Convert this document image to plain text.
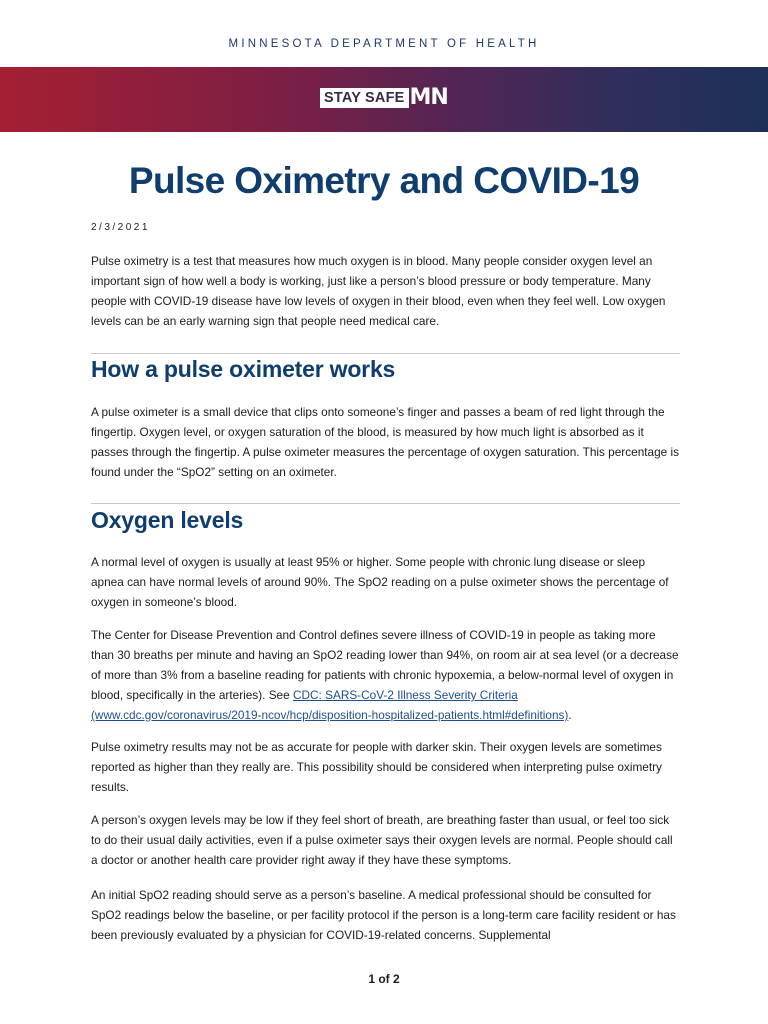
MINNESOTA DEPARTMENT OF HEALTH
STAY SAFE MN
Pulse Oximetry and COVID-19
2/3/2021
Pulse oximetry is a test that measures how much oxygen is in blood. Many people consider oxygen level an important sign of how well a body is working, just like a person’s blood pressure or body temperature. Many people with COVID-19 disease have low levels of oxygen in their blood, even when they feel well. Low oxygen levels can be an early warning sign that people need medical care.
How a pulse oximeter works
A pulse oximeter is a small device that clips onto someone’s finger and passes a beam of red light through the fingertip. Oxygen level, or oxygen saturation of the blood, is measured by how much light is absorbed as it passes through the fingertip. A pulse oximeter measures the percentage of oxygen saturation. This percentage is found under the “SpO2” setting on an oximeter.
Oxygen levels
A normal level of oxygen is usually at least 95% or higher. Some people with chronic lung disease or sleep apnea can have normal levels of around 90%. The SpO2 reading on a pulse oximeter shows the percentage of oxygen in someone’s blood.
The Center for Disease Prevention and Control defines severe illness of COVID-19 in people as taking more than 30 breaths per minute and having an SpO2 reading lower than 94%, on room air at sea level (or a decrease of more than 3% from a baseline reading for patients with chronic hypoxemia, a below-normal level of oxygen in blood, specifically in the arteries). See CDC: SARS-CoV-2 Illness Severity Criteria (www.cdc.gov/coronavirus/2019-ncov/hcp/disposition-hospitalized-patients.html#definitions).
Pulse oximetry results may not be as accurate for people with darker skin. Their oxygen levels are sometimes reported as higher than they really are. This possibility should be considered when interpreting pulse oximetry results.
A person’s oxygen levels may be low if they feel short of breath, are breathing faster than usual, or feel too sick to do their usual daily activities, even if a pulse oximeter says their oxygen levels are normal. People should call a doctor or another health care provider right away if they have these symptoms.
An initial SpO2 reading should serve as a person’s baseline. A medical professional should be consulted for SpO2 readings below the baseline, or per facility protocol if the person is a long-term care facility resident or has been previously evaluated by a physician for COVID-19-related concerns. Supplemental
1 of 2
